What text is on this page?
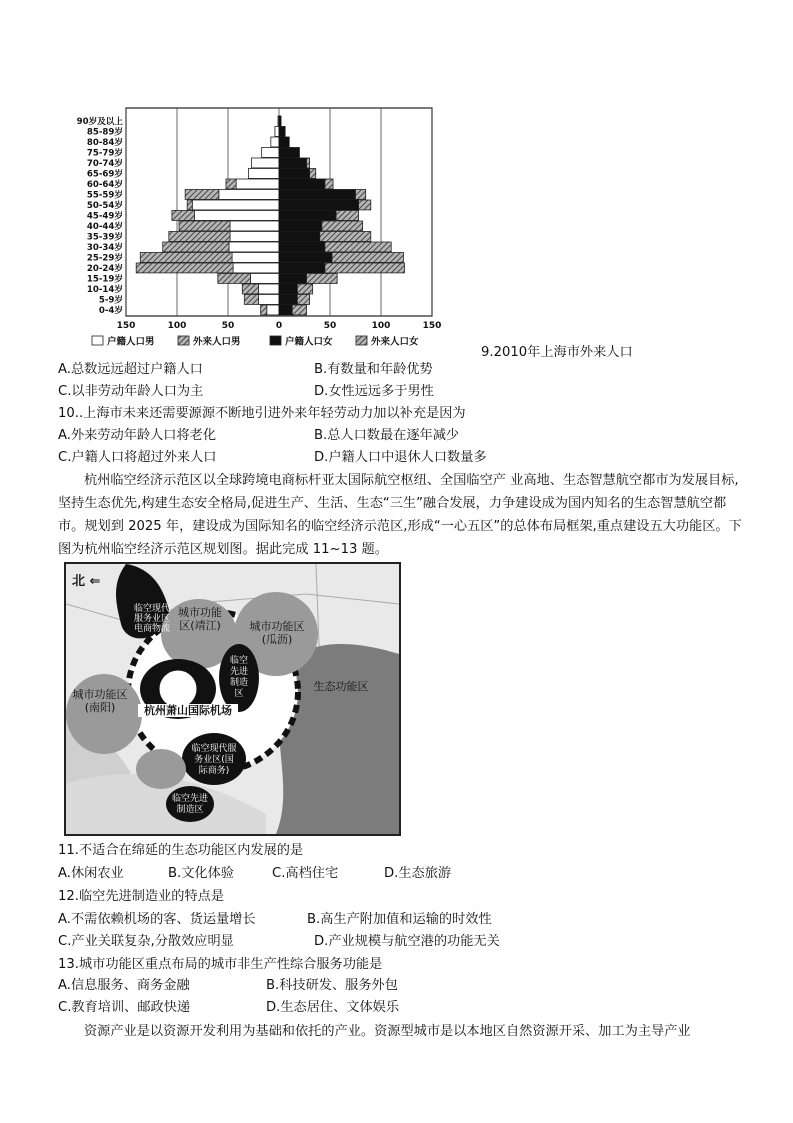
90岁及以上
85-89岁
80-84岁
75-79岁
70-74岁
65-69岁
60-64岁
55-59岁
50-54岁
45-49岁
40-44岁
35-39岁
30-34岁
25-29岁
20-24岁
15-19岁
10-14岁
5-9岁
0-4岁
150	100	50	0	50	100	150
户籍人口男	外来人口男	户籍人口女	外来人口女
9.2010年上海市外来人口
A.总数远远超过户籍人口	B.有数量和年龄优势
C.以非劳动年龄人口为主	D.女性远远多于男性
10..上海市未来还需要源源不断地引进外来年轻劳动力加以补充是因为
A.外来劳动年龄人口将老化	B.总人口数最在逐年减少
C.户籍人口将超过外来人口	D.户籍人口中退休人口数量多
杭州临空经济示范区以全球跨境电商标杆亚太国际航空枢纽、全国临空产 业高地、生态智慧航空都市为发展目标,坚持生态优先,构建生态安全格局,促进生产、生活、生态“三生”融合发展，力争建设成为国内知名的生态智慧航空都市。规划到 2025 年，建设成为国际知名的临空经济示范区,形成“一心五区”的总体布局框架,重点建设五大功能区。下图为杭州临空经济示范区规划图。据此完成 11~13 题。
北 ⇐
临空现代服务业区电商物流
城市功能区(靖江)	城市功能区(瓜沥)
临空先进制造区
生态功能区
城市功能区(南阳)	杭州萧山国际机场
临空现代服务业区(国际商务)
临空先进制造区
11.不适合在绵延的生态功能区内发展的是
A.休闲农业	B.文化体验	C.高档住宅	D.生态旅游
12.临空先进制造业的特点是
A.不需依赖机场的客、货运量增长	B.高生产附加值和运输的时效性
C.产业关联复杂,分散效应明显	D.产业规模与航空港的功能无关
13.城市功能区重点布局的城市非生产性综合服务功能是
A.信息服务、商务金融	B.科技研发、服务外包
C.教育培训、邮政快递	D.生态居住、文体娱乐
资源产业是以资源开发利用为基础和依托的产业。资源型城市是以本地区自然资源开采、加工为主导产业
